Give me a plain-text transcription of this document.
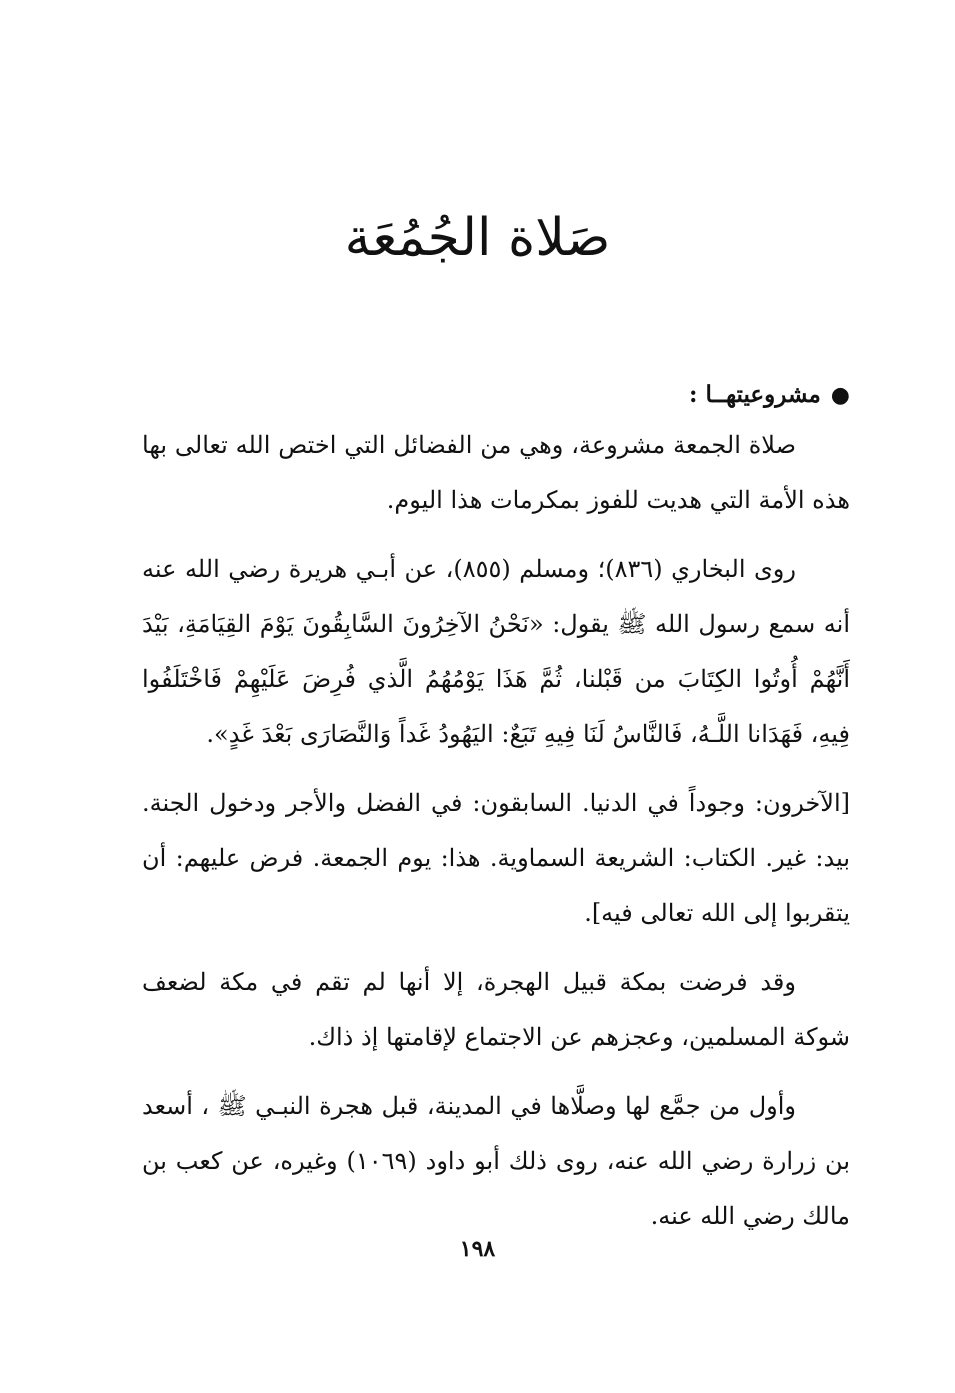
صَلاة الجُمُعَة

●مشروعيتهــا :

صلاة الجمعة مشروعة، وهي من الفضائل التي اختص الله تعالى بها هذه الأمة التي هديت للفوز بمكرمات هذا اليوم.

روى البخاري (٨٣٦)؛ ومسلم (٨٥٥)، عن أبـي هريرة رضي الله عنه أنه سمع رسول الله ﷺ يقول: «نَحْنُ الآخِرُونَ السَّابِقُونَ يَوْمَ القِيَامَةِ، بَيْدَ أَنَّهُمْ أُوتُوا الكِتَابَ من قَبْلنا، ثُمَّ هَذَا يَوْمُهُمُ الَّذي فُرِضَ عَلَيْهِمْ فَاخْتَلَفُوا فِيهِ، فَهَدَانا اللَّـهُ، فَالنَّاسُ لَنَا فِيهِ تَبَعٌ: اليَهُودُ غَداً وَالنَّصَارَى بَعْدَ غَدٍ».

[الآخرون: وجوداً في الدنيا. السابقون: في الفضل والأجر ودخول الجنة. بيد: غير. الكتاب: الشريعة السماوية. هذا: يوم الجمعة. فرض عليهم: أن يتقربوا إلى الله تعالى فيه].

وقد فرضت بمكة قبيل الهجرة، إلا أنها لم تقم في مكة لضعف شوكة المسلمين، وعجزهم عن الاجتماع لإقامتها إذ ذاك.

وأول من جمَّع لها وصلَّاها في المدينة، قبل هجرة النبـي ﷺ ، أسعد بن زرارة رضي الله عنه، روى ذلك أبو داود (١٠٦٩) وغيره، عن كعب بن مالك رضي الله عنه.

١٩٨
